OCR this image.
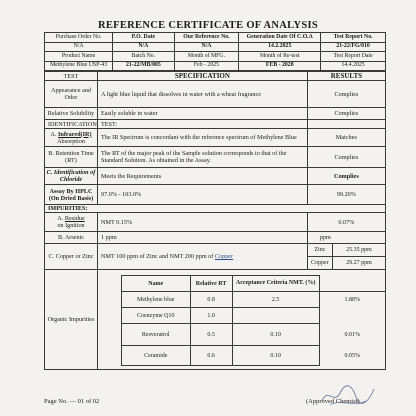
REFERENCE CERTIFICATE OF ANALYSIS
Purchase Order No.	P.O. Date	Our Reference No.	Generation Date Of C.O.A	Test Report No.
N/A	N/A	N/A	14.2.2025	21-22/FG/010
Product Name	Batch No.	Month of MFG.	Month of Re-test	Test Report Date
Methylene Blue USP-43	21-22/MB/005	Feb - 2025	FEB - 2028	14.4.2025
TEST	SPECIFICATION	RESULTS
Appearance and Odor	A light blue liquid that dissolves in water with a wheat fragrance	Complies
Relative Solubility	Easily soluble in water	Complies
IDENTIFICATION	TEST:	
A. Infrared(IR)
Absorption	The IR Spectrum is concordant with the reference spectrum of Methylene Blue	Matches
B. Retention Time (RT)	The RT of the major peak of the Sample solution corresponds to that of the Standard Solution. As obtained in the Assay.	Complies
C. Identification of Chloride	Meets the Requirements	Complies
Assay By HPLC (On Dried Basis)	97.0% - 103.0%	99.20%
IMPURITIES:
A. Residue
on Ignition	NMT 0.15%	0.07%
B. Arsenic	1 ppm	ppm
C. Copper or Zinc	NMT 100 ppm of Zinc and NMT 200 ppm of Copper	
Zinc	25.35 ppm
Copper	29.27 ppm

Organic Impurities	
Name	Relative RT	Acceptance Criteria NMT. (%)	
Methylene blue	0.8	2.5	1.88%
Coenzyme Q10	1.0		
Resveratrol	0.5	0.10	0.01%
Ceramide	0.6	0.10	0.05%
Page No. — 01 of 02	(Approved Chemist)
